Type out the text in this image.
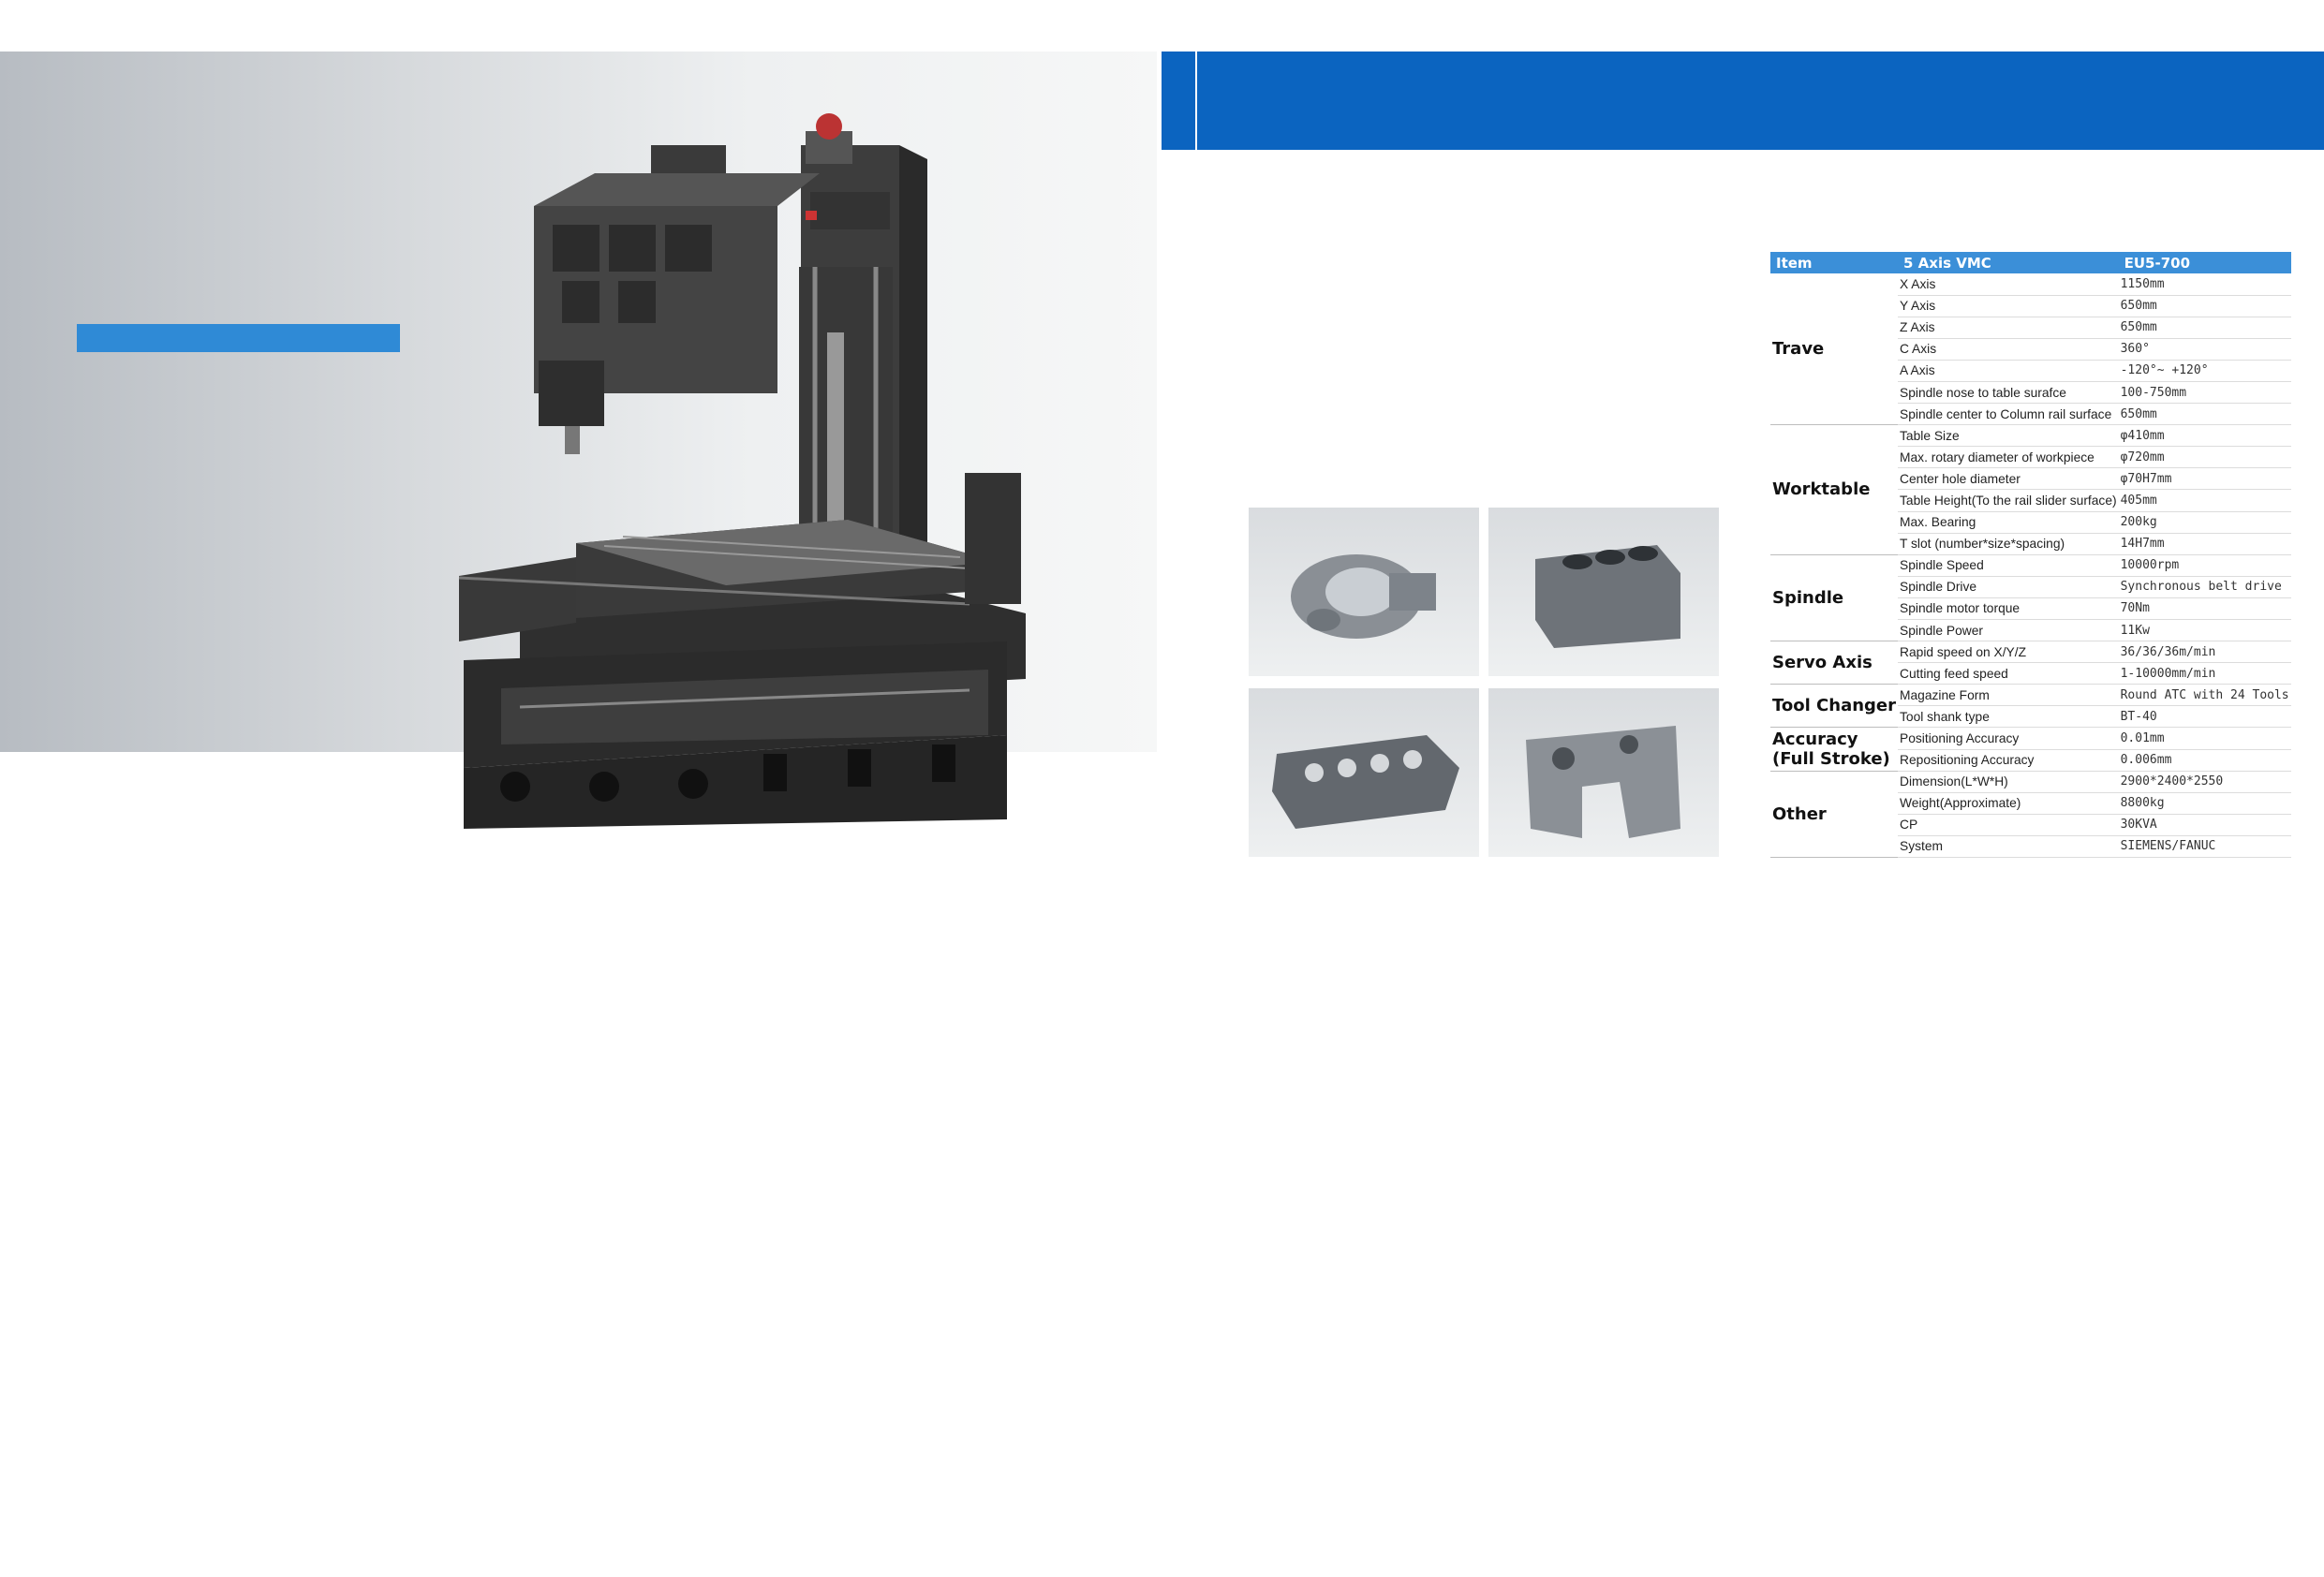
Item	5 Axis VMC	EU5-700
Trave	X Axis	1150mm
	Y Axis	650mm
	Z Axis	650mm
	C Axis	360°
	A Axis	-120°~ +120°
	Spindle nose to table surafce	100-750mm
	Spindle center to Column rail surface	650mm
Worktable	Table Size	φ410mm
	Max. rotary diameter of workpiece	φ720mm
	Center hole diameter	φ70H7mm
	Table Height(To the rail slider surface)	405mm
	Max. Bearing	200kg
	T slot (number*size*spacing)	14H7mm
Spindle	Spindle Speed	10000rpm
	Spindle Drive	Synchronous belt drive
	Spindle motor torque	70Nm
	Spindle Power	11Kw
Servo Axis	Rapid speed on X/Y/Z	36/36/36m/min
	Cutting feed speed	1-10000mm/min
Tool Changer	Magazine Form	Round ATC with 24 Tools
	Tool shank type	BT-40
Accuracy
(Full Stroke)	Positioning Accuracy	0.01mm
	Repositioning Accuracy	0.006mm
Other	Dimension(L*W*H)	2900*2400*2550
	Weight(Approximate)	8800kg
	CP	30KVA
	System	SIEMENS/FANUC
